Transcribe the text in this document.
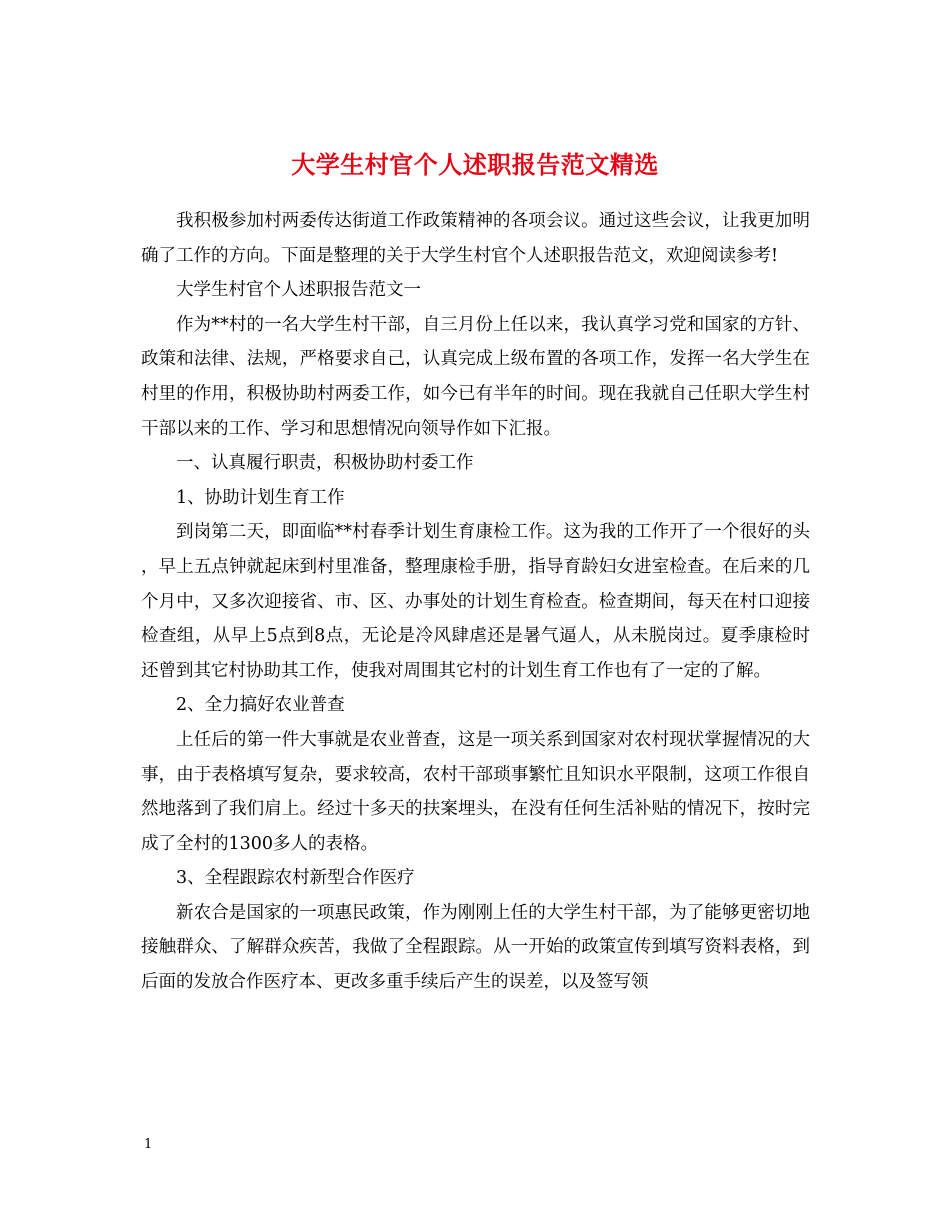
大学生村官个人述职报告范文精选

我积极参加村两委传达街道工作政策精神的各项会议。通过这些会议，让我更加明确了工作的方向。下面是整理的关于大学生村官个人述职报告范文，欢迎阅读参考!

大学生村官个人述职报告范文一

作为**村的一名大学生村干部，自三月份上任以来，我认真学习党和国家的方针、政策和法律、法规，严格要求自己，认真完成上级布置的各项工作，发挥一名大学生在村里的作用，积极协助村两委工作，如今已有半年的时间。现在我就自己任职大学生村干部以来的工作、学习和思想情况向领导作如下汇报。

一、认真履行职责，积极协助村委工作

1、协助计划生育工作

到岗第二天，即面临**村春季计划生育康检工作。这为我的工作开了一个很好的头，早上五点钟就起床到村里准备，整理康检手册，指导育龄妇女进室检查。在后来的几个月中，又多次迎接省、市、区、办事处的计划生育检查。检查期间，每天在村口迎接检查组，从早上5点到8点，无论是冷风肆虐还是暑气逼人，从未脱岗过。夏季康检时还曾到其它村协助其工作，使我对周围其它村的计划生育工作也有了一定的了解。

2、全力搞好农业普查

上任后的第一件大事就是农业普查，这是一项关系到国家对农村现状掌握情况的大事，由于表格填写复杂，要求较高，农村干部琐事繁忙且知识水平限制，这项工作很自然地落到了我们肩上。经过十多天的扶案埋头，在没有任何生活补贴的情况下，按时完成了全村的1300多人的表格。

3、全程跟踪农村新型合作医疗

新农合是国家的一项惠民政策，作为刚刚上任的大学生村干部，为了能够更密切地接触群众、了解群众疾苦，我做了全程跟踪。从一开始的政策宣传到填写资料表格，到后面的发放合作医疗本、更改多重手续后产生的误差，以及签写领

1
